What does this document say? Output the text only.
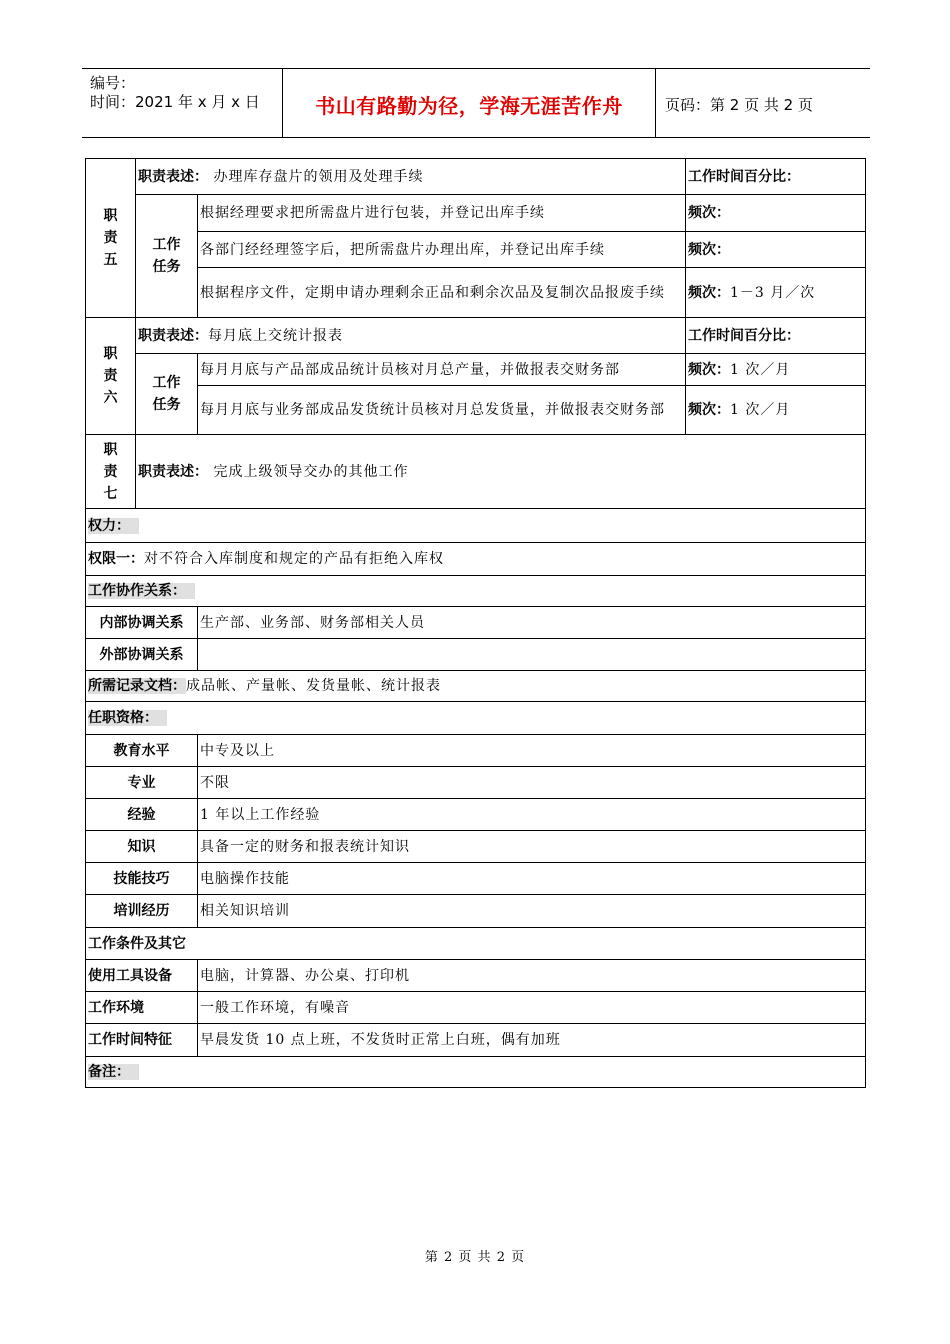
编号：
时间：2021 年 x 月 x 日	书山有路勤为径，学海无涯苦作舟	页码：第 2 页 共 2 页
职责五	职责表述： 办理库存盘片的领用及处理手续		工作时间百分比：
	工作任务	根据经理要求把所需盘片进行包装，并登记出库手续	频次：
		各部门经经理签字后，把所需盘片办理出库，并登记出库手续	频次：
		根据程序文件，定期申请办理剩余正品和剩余次品及复制次品报废手续	频次：1－3 月／次
职责六	职责表述：每月底上交统计报表		工作时间百分比：
	工作任务	每月月底与产品部成品统计员核对月总产量，并做报表交财务部	频次：1 次／月
		每月月底与业务部成品发货统计员核对月总发货量，并做报表交财务部	频次：1 次／月
职责七	职责表述： 完成上级领导交办的其他工作		
权力：			
权限一：对不符合入库制度和规定的产品有拒绝入库权			
工作协作关系：			
内部协调关系		生产部、业务部、财务部相关人员	
外部协调关系			
所需记录文档：成品帐、产量帐、发货量帐、统计报表			
任职资格：			
教育水平		中专及以上	
专业		不限	
经验		1 年以上工作经验	
知识		具备一定的财务和报表统计知识	
技能技巧		电脑操作技能	
培训经历		相关知识培训	
工作条件及其它			
使用工具设备		电脑，计算器、办公桌、打印机	
工作环境		一般工作环境，有噪音	
工作时间特征		早晨发货 10 点上班，不发货时正常上白班，偶有加班	
备注：			
第 2 页 共 2 页
